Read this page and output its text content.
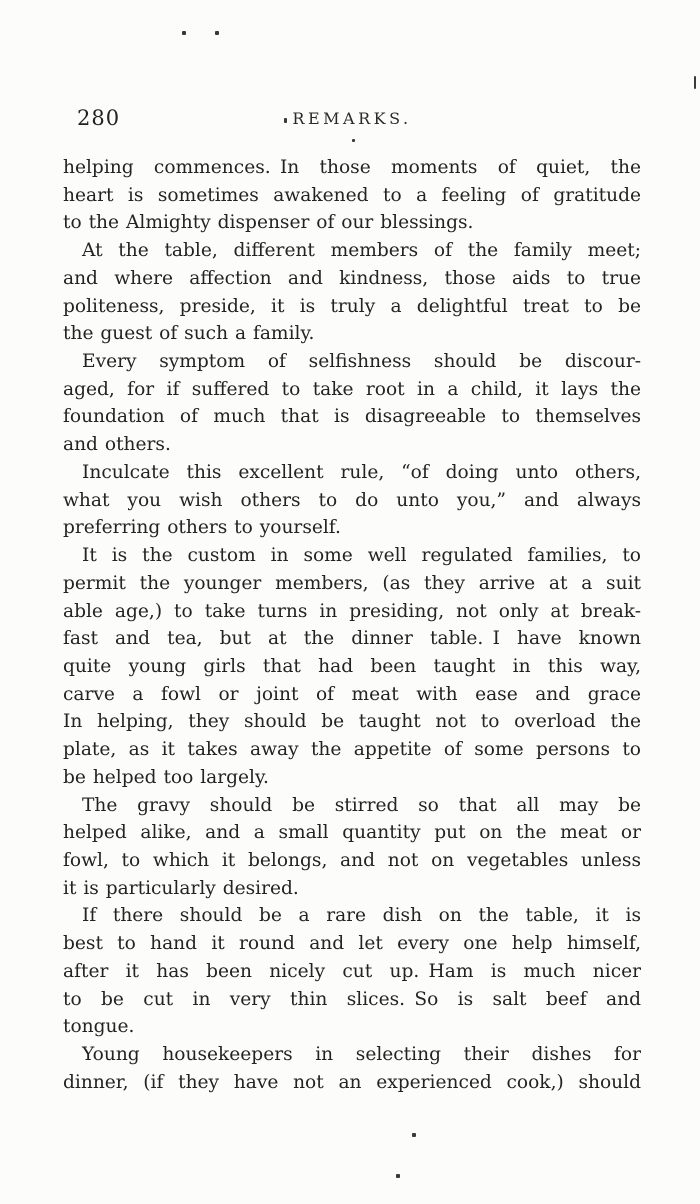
280	REMARKS.
helping commences. In those moments of quiet, the
heart is sometimes awakened to a feeling of gratitude
to the Almighty dispenser of our blessings.
At the table, different members of the family meet;
and where affection and kindness, those aids to true
politeness, preside, it is truly a delightful treat to be
the guest of such a family.
Every symptom of selfishness should be discour-
aged, for if suffered to take root in a child, it lays the
foundation of much that is disagreeable to themselves
and others.
Inculcate this excellent rule, “of doing unto others,
what you wish others to do unto you,” and always
preferring others to yourself.
It is the custom in some well regulated families, to
permit the younger members, (as they arrive at a suit
able age,) to take turns in presiding, not only at break-
fast and tea, but at the dinner table. I have known
quite young girls that had been taught in this way,
carve a fowl or joint of meat with ease and grace
In helping, they should be taught not to overload the
plate, as it takes away the appetite of some persons to
be helped too largely.
The gravy should be stirred so that all may be
helped alike, and a small quantity put on the meat or
fowl, to which it belongs, and not on vegetables unless
it is particularly desired.
If there should be a rare dish on the table, it is
best to hand it round and let every one help himself,
after it has been nicely cut up. Ham is much nicer
to be cut in very thin slices. So is salt beef and
tongue.
Young housekeepers in selecting their dishes for
dinner, (if they have not an experienced cook,) should
